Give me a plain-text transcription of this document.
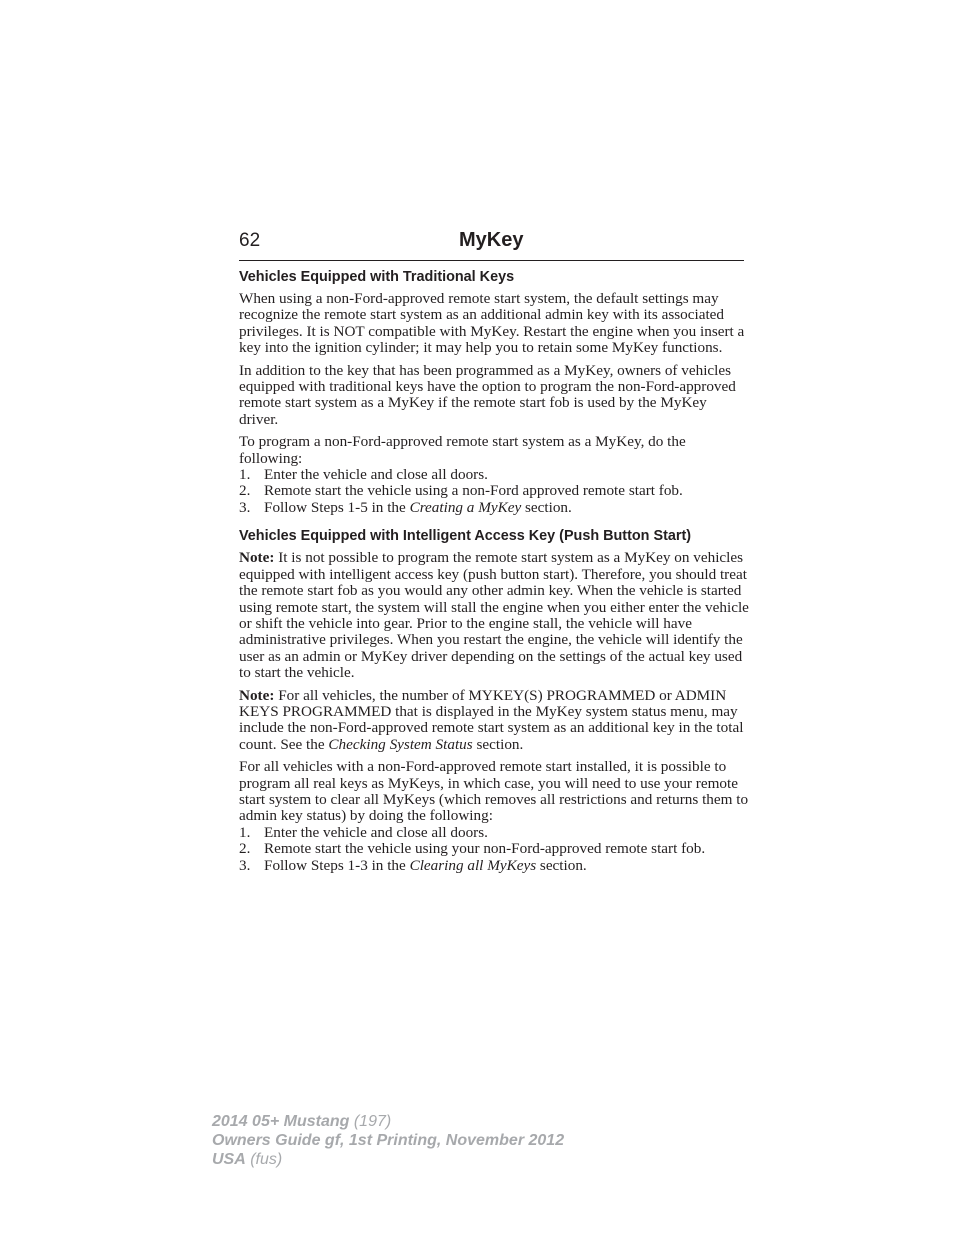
62	MyKey
Vehicles Equipped with Traditional Keys

When using a non-Ford-approved remote start system, the default settings may recognize the remote start system as an additional admin key with its associated privileges. It is NOT compatible with MyKey. Restart the engine when you insert a key into the ignition cylinder; it may help you to retain some MyKey functions.

In addition to the key that has been programmed as a MyKey, owners of vehicles equipped with traditional keys have the option to program the non-Ford-approved remote start system as a MyKey if the remote start fob is used by the MyKey driver.

To program a non-Ford-approved remote start system as a MyKey, do the following:

1. Enter the vehicle and close all doors.
2. Remote start the vehicle using a non-Ford approved remote start fob.
3. Follow Steps 1-5 in the Creating a MyKey section.
Vehicles Equipped with Intelligent Access Key (Push Button Start)

Note: It is not possible to program the remote start system as a MyKey on vehicles equipped with intelligent access key (push button start). Therefore, you should treat the remote start fob as you would any other admin key. When the vehicle is started using remote start, the system will stall the engine when you either enter the vehicle or shift the vehicle into gear. Prior to the engine stall, the vehicle will have administrative privileges. When you restart the engine, the vehicle will identify the user as an admin or MyKey driver depending on the settings of the actual key used to start the vehicle.

Note: For all vehicles, the number of MYKEY(S) PROGRAMMED or ADMIN KEYS PROGRAMMED that is displayed in the MyKey system status menu, may include the non-Ford-approved remote start system as an additional key in the total count. See the Checking System Status section.

For all vehicles with a non-Ford-approved remote start installed, it is possible to program all real keys as MyKeys, in which case, you will need to use your remote start system to clear all MyKeys (which removes all restrictions and returns them to admin key status) by doing the following:

1. Enter the vehicle and close all doors.
2. Remote start the vehicle using your non-Ford-approved remote start fob.
3. Follow Steps 1-3 in the Clearing all MyKeys section.
2014 05+ Mustang (197)
Owners Guide gf, 1st Printing, November 2012
USA (fus)
